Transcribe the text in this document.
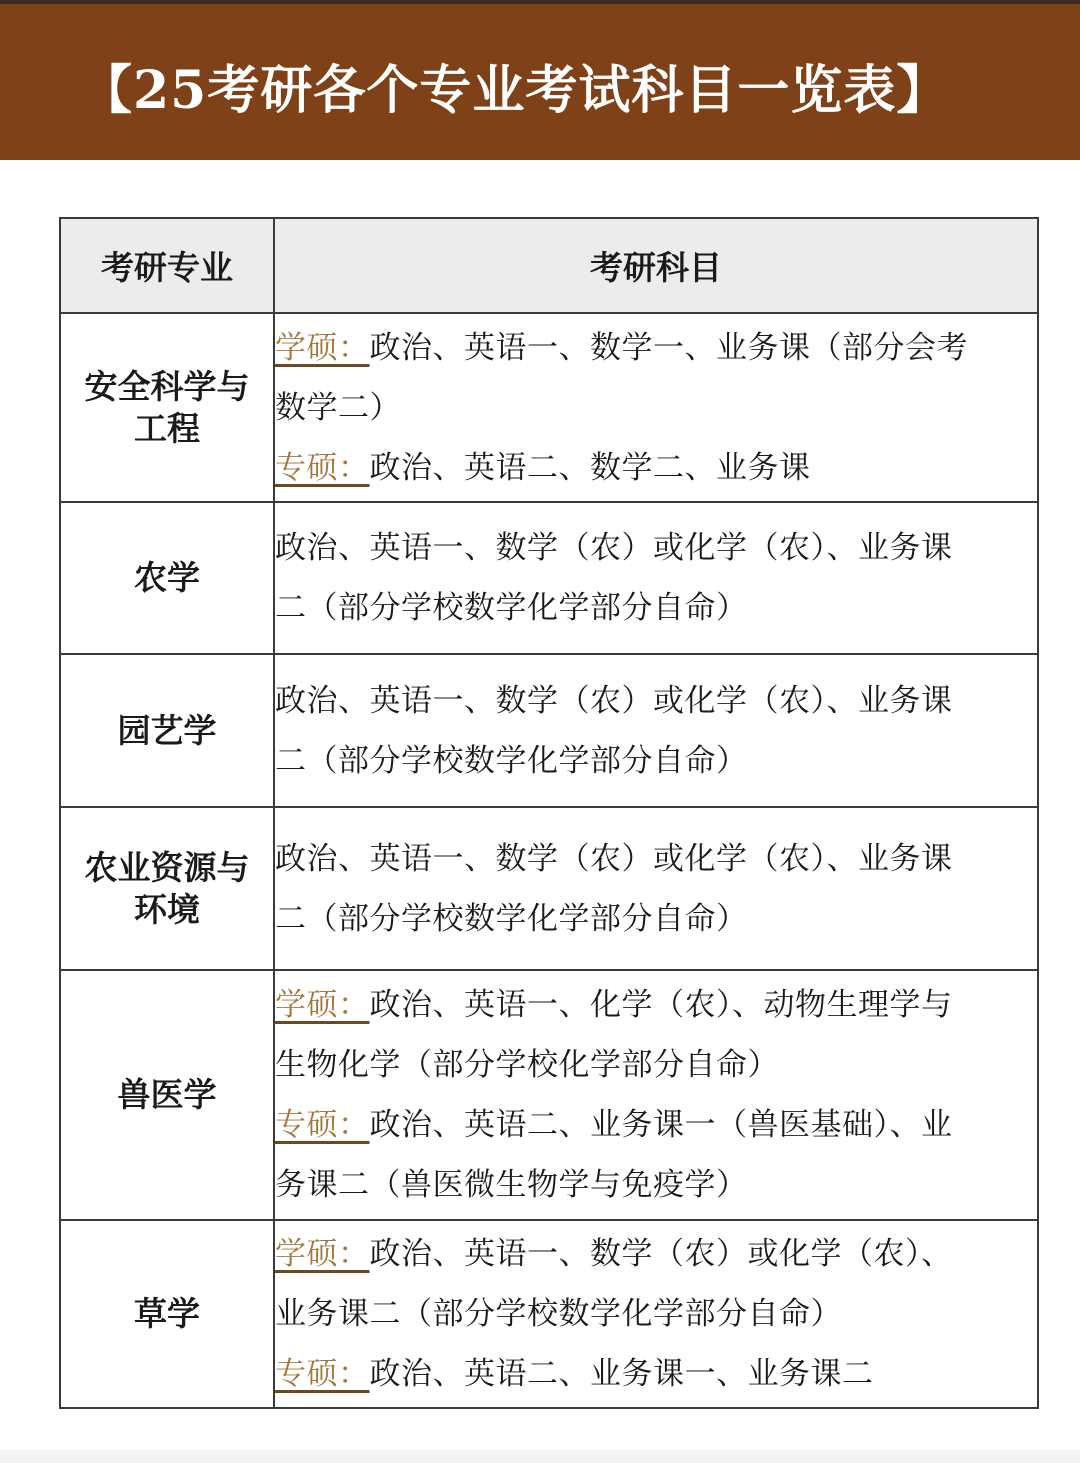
【25考研各个专业考试科目一览表】
考研专业	考研科目

安全科学与
工程	学硕：政治、英语一、数学一、业务课（部分会考
数学二）
专硕：政治、英语二、数学二、业务课

农学	政治、英语一、数学（农）或化学（农）、业务课
二（部分学校数学化学部分自命）

园艺学	政治、英语一、数学（农）或化学（农）、业务课
二（部分学校数学化学部分自命）

农业资源与
环境	政治、英语一、数学（农）或化学（农）、业务课
二（部分学校数学化学部分自命）

兽医学	学硕：政治、英语一、化学（农）、动物生理学与
生物化学（部分学校化学部分自命）
专硕：政治、英语二、业务课一（兽医基础）、业
务课二（兽医微生物学与免疫学）

草学	学硕：政治、英语一、数学（农）或化学（农）、
业务课二（部分学校数学化学部分自命）
专硕：政治、英语二、业务课一、业务课二
